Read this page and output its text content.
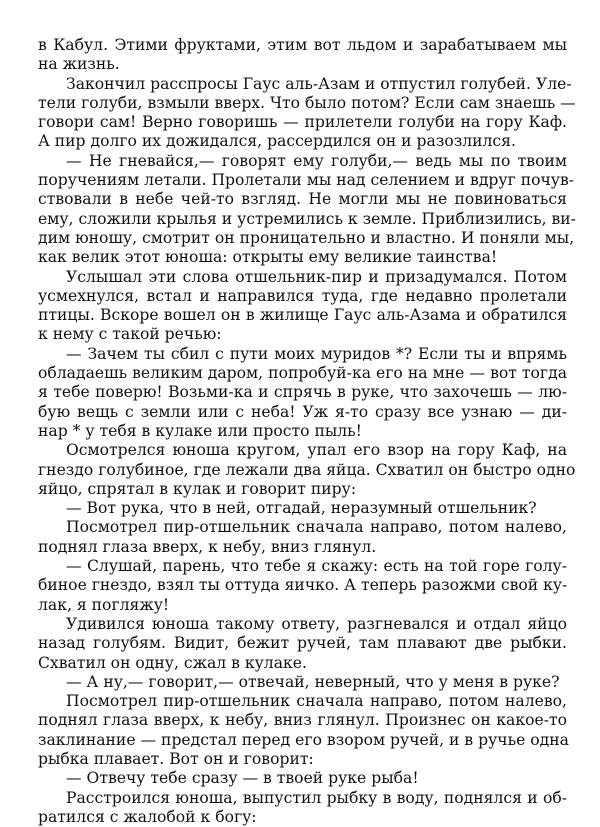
в Кабул. Этими фруктами, этим вот льдом и зарабатываем мы
на жизнь.
Закончил расспросы Гаус аль-Азам и отпустил голубей. Уле-
тели голуби, взмыли вверх. Что было потом? Если сам знаешь —
говори сам! Верно говоришь — прилетели голуби на гору Каф.
А пир долго их дожидался, рассердился он и разозлился.
— Не гневайся,— говорят ему голуби,— ведь мы по твоим
поручениям летали. Пролетали мы над селением и вдруг почув-
ствовали в небе чей-то взгляд. Не могли мы не повиноваться
ему, сложили крылья и устремились к земле. Приблизились, ви-
дим юношу, смотрит он проницательно и властно. И поняли мы,
как велик этот юноша: открыты ему великие таинства!
Услышал эти слова отшельник-пир и призадумался. Потом
усмехнулся, встал и направился туда, где недавно пролетали
птицы. Вскоре вошел он в жилище Гаус аль-Азама и обратился
к нему с такой речью:
— Зачем ты сбил с пути моих муридов *? Если ты и впрямь
обладаешь великим даром, попробуй-ка его на мне — вот тогда
я тебе поверю! Возьми-ка и спрячь в руке, что захочешь — лю-
бую вещь с земли или с неба! Уж я-то сразу все узнаю — ди-
нар * у тебя в кулаке или просто пыль!
Осмотрелся юноша кругом, упал его взор на гору Каф, на
гнездо голубиное, где лежали два яйца. Схватил он быстро одно
яйцо, спрятал в кулак и говорит пиру:
— Вот рука, что в ней, отгадай, неразумный отшельник?
Посмотрел пир-отшельник сначала направо, потом налево,
поднял глаза вверх, к небу, вниз глянул.
— Слушай, парень, что тебе я скажу: есть на той горе голу-
биное гнездо, взял ты оттуда яичко. А теперь разожми свой ку-
лак, я погляжу!
Удивился юноша такому ответу, разгневался и отдал яйцо
назад голубям. Видит, бежит ручей, там плавают две рыбки.
Схватил он одну, сжал в кулаке.
— А ну,— говорит,— отвечай, неверный, что у меня в руке?
Посмотрел пир-отшельник сначала направо, потом налево,
поднял глаза вверх, к небу, вниз глянул. Произнес он какое-то
заклинание — предстал перед его взором ручей, и в ручье одна
рыбка плавает. Вот он и говорит:
— Отвечу тебе сразу — в твоей руке рыба!
Расстроился юноша, выпустил рыбку в воду, поднялся и об-
ратился с жалобой к богу:
